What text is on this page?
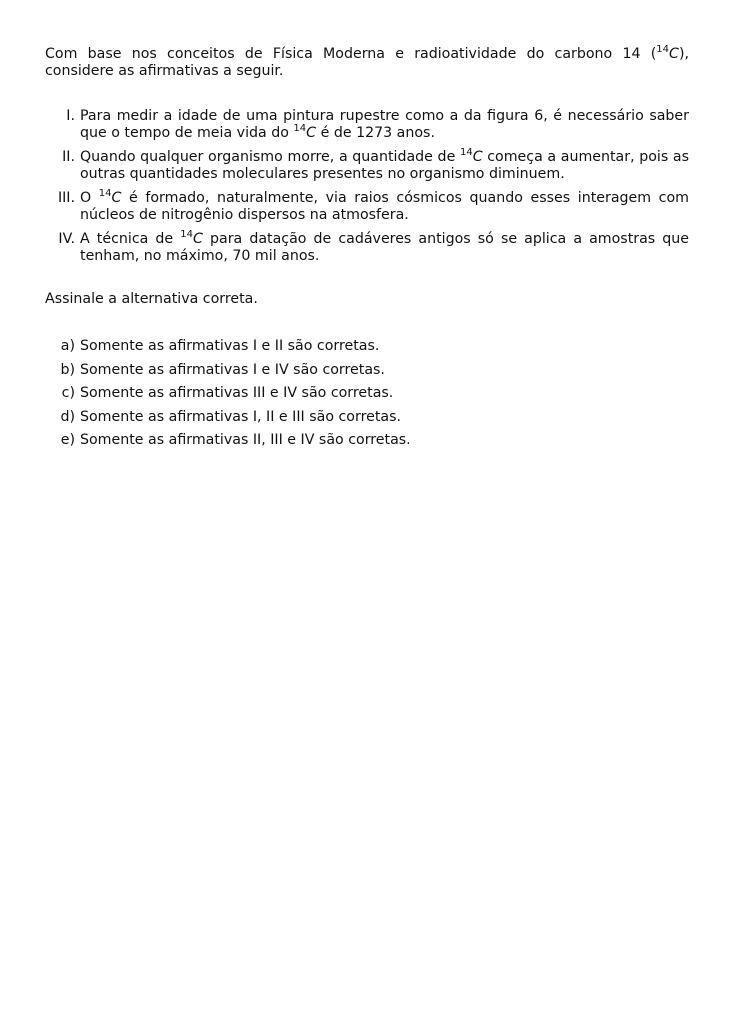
Com base nos conceitos de Física Moderna e radioatividade do carbono 14 ($^{14}$C), considere as afirmativas a seguir.
I. Para medir a idade de uma pintura rupestre como a da figura 6, é necessário saber que o tempo de meia vida do $^{14}$C é de 1273 anos.
II. Quando qualquer organismo morre, a quantidade de $^{14}$C começa a aumentar, pois as outras quantidades moleculares presentes no organismo diminuem.
III. O $^{14}$C é formado, naturalmente, via raios cósmicos quando esses interagem com núcleos de nitrogênio dispersos na atmosfera.
IV. A técnica de $^{14}$C para datação de cadáveres antigos só se aplica a amostras que tenham, no máximo, 70 mil anos.
Assinale a alternativa correta.
a) Somente as afirmativas I e II são corretas.
b) Somente as afirmativas I e IV são corretas.
c) Somente as afirmativas III e IV são corretas.
d) Somente as afirmativas I, II e III são corretas.
e) Somente as afirmativas II, III e IV são corretas.
